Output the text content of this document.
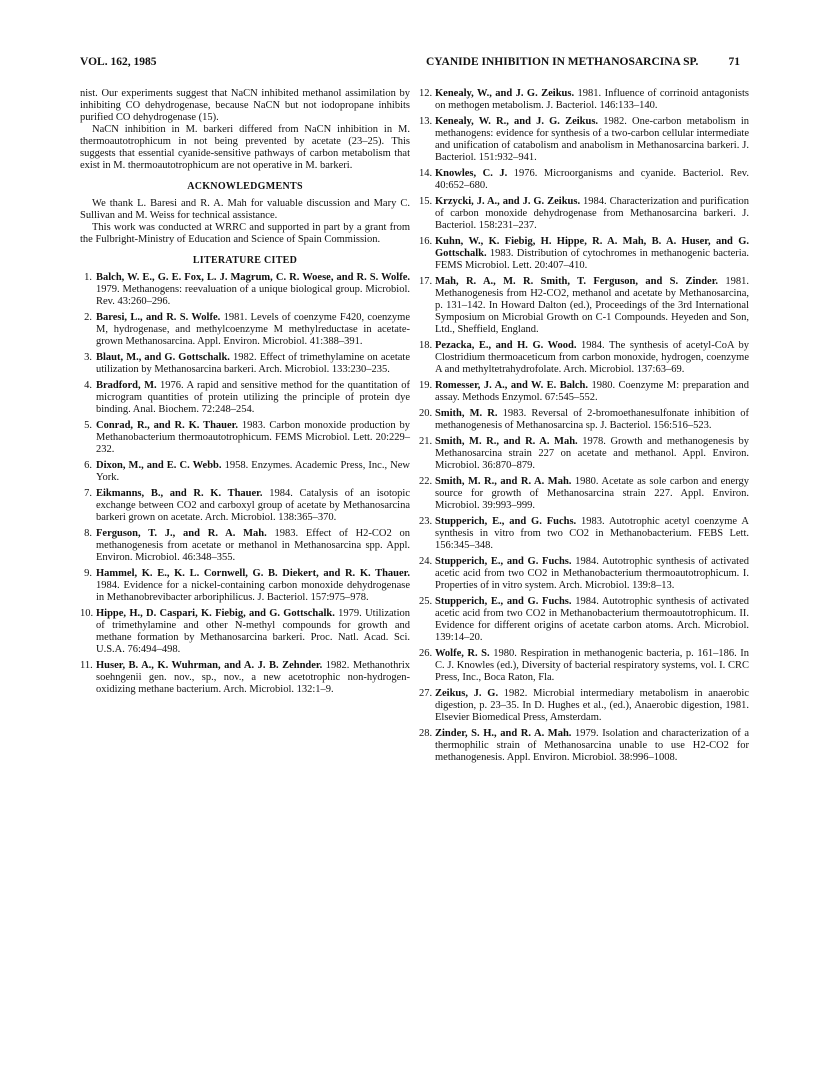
VOL. 162, 1985	CYANIDE INHIBITION IN METHANOSARCINA SP.	71

nist. Our experiments suggest that NaCN inhibited methanol assimilation by inhibiting CO dehydrogenase, because NaCN but not iodopropane inhibits purified CO dehydrogenase (15).

NaCN inhibition in M. barkeri differed from NaCN inhibition in M. thermoautotrophicum in not being prevented by acetate (23–25). This suggests that essential cyanide-sensitive pathways of carbon metabolism that exist in M. thermoautotrophicum are not operative in M. barkeri.

ACKNOWLEDGMENTS

We thank L. Baresi and R. A. Mah for valuable discussion and Mary C. Sullivan and M. Weiss for technical assistance.

This work was conducted at WRRC and supported in part by a grant from the Fulbright-Ministry of Education and Science of Spain Commission.

LITERATURE CITED
1. Balch, W. E., G. E. Fox, L. J. Magrum, C. R. Woese, and R. S. Wolfe. 1979. Methanogens: reevaluation of a unique biological group. Microbiol. Rev. 43:260–296.
2. Baresi, L., and R. S. Wolfe. 1981. Levels of coenzyme F420, coenzyme M, hydrogenase, and methylcoenzyme M methylreductase in acetate-grown Methanosarcina. Appl. Environ. Microbiol. 41:388–391.
3. Blaut, M., and G. Gottschalk. 1982. Effect of trimethylamine on acetate utilization by Methanosarcina barkeri. Arch. Microbiol. 133:230–235.
4. Bradford, M. 1976. A rapid and sensitive method for the quantitation of microgram quantities of protein utilizing the principle of protein dye binding. Anal. Biochem. 72:248–254.
5. Conrad, R., and R. K. Thauer. 1983. Carbon monoxide production by Methanobacterium thermoautotrophicum. FEMS Microbiol. Lett. 20:229–232.
6. Dixon, M., and E. C. Webb. 1958. Enzymes. Academic Press, Inc., New York.
7. Eikmanns, B., and R. K. Thauer. 1984. Catalysis of an isotopic exchange between CO2 and carboxyl group of acetate by Methanosarcina barkeri grown on acetate. Arch. Microbiol. 138:365–370.
8. Ferguson, T. J., and R. A. Mah. 1983. Effect of H2-CO2 on methanogenesis from acetate or methanol in Methanosarcina spp. Appl. Environ. Microbiol. 46:348–355.
9. Hammel, K. E., K. L. Cornwell, G. B. Diekert, and R. K. Thauer. 1984. Evidence for a nickel-containing carbon monoxide dehydrogenase in Methanobrevibacter arboriphilicus. J. Bacteriol. 157:975–978.
10. Hippe, H., D. Caspari, K. Fiebig, and G. Gottschalk. 1979. Utilization of trimethylamine and other N-methyl compounds for growth and methane formation by Methanosarcina barkeri. Proc. Natl. Acad. Sci. U.S.A. 76:494–498.
11. Huser, B. A., K. Wuhrman, and A. J. B. Zehnder. 1982. Methanothrix soehngenii gen. nov., sp., nov., a new acetotrophic non-hydrogen-oxidizing methane bacterium. Arch. Microbiol. 132:1–9.
12. Kenealy, W., and J. G. Zeikus. 1981. Influence of corrinoid antagonists on methogen metabolism. J. Bacteriol. 146:133–140.
13. Kenealy, W. R., and J. G. Zeikus. 1982. One-carbon metabolism in methanogens: evidence for synthesis of a two-carbon cellular intermediate and unification of catabolism and anabolism in Methanosarcina barkeri. J. Bacteriol. 151:932–941.
14. Knowles, C. J. 1976. Microorganisms and cyanide. Bacteriol. Rev. 40:652–680.
15. Krzycki, J. A., and J. G. Zeikus. 1984. Characterization and purification of carbon monoxide dehydrogenase from Methanosarcina barkeri. J. Bacteriol. 158:231–237.
16. Kuhn, W., K. Fiebig, H. Hippe, R. A. Mah, B. A. Huser, and G. Gottschalk. 1983. Distribution of cytochromes in methanogenic bacteria. FEMS Microbiol. Lett. 20:407–410.
17. Mah, R. A., M. R. Smith, T. Ferguson, and S. Zinder. 1981. Methanogenesis from H2-CO2, methanol and acetate by Methanosarcina, p. 131–142. In Howard Dalton (ed.), Proceedings of the 3rd International Symposium on Microbial Growth on C-1 Compounds. Heyeden and Son, Ltd., Sheffield, England.
18. Pezacka, E., and H. G. Wood. 1984. The synthesis of acetyl-CoA by Clostridium thermoaceticum from carbon monoxide, hydrogen, coenzyme A and methyltetrahydrofolate. Arch. Microbiol. 137:63–69.
19. Romesser, J. A., and W. E. Balch. 1980. Coenzyme M: preparation and assay. Methods Enzymol. 67:545–552.
20. Smith, M. R. 1983. Reversal of 2-bromoethanesulfonate inhibition of methanogenesis of Methanosarcina sp. J. Bacteriol. 156:516–523.
21. Smith, M. R., and R. A. Mah. 1978. Growth and methanogenesis by Methanosarcina strain 227 on acetate and methanol. Appl. Environ. Microbiol. 36:870–879.
22. Smith, M. R., and R. A. Mah. 1980. Acetate as sole carbon and energy source for growth of Methanosarcina strain 227. Appl. Environ. Microbiol. 39:993–999.
23. Stupperich, E., and G. Fuchs. 1983. Autotrophic acetyl coenzyme A synthesis in vitro from two CO2 in Methanobacterium. FEBS Lett. 156:345–348.
24. Stupperich, E., and G. Fuchs. 1984. Autotrophic synthesis of activated acetic acid from two CO2 in Methanobacterium thermoautotrophicum. I. Properties of in vitro system. Arch. Microbiol. 139:8–13.
25. Stupperich, E., and G. Fuchs. 1984. Autotrophic synthesis of activated acetic acid from two CO2 in Methanobacterium thermoautotrophicum. II. Evidence for different origins of acetate carbon atoms. Arch. Microbiol. 139:14–20.
26. Wolfe, R. S. 1980. Respiration in methanogenic bacteria, p. 161–186. In C. J. Knowles (ed.), Diversity of bacterial respiratory systems, vol. I. CRC Press, Inc., Boca Raton, Fla.
27. Zeikus, J. G. 1982. Microbial intermediary metabolism in anaerobic digestion, p. 23–35. In D. Hughes et al., (ed.), Anaerobic digestion, 1981. Elsevier Biomedical Press, Amsterdam.
28. Zinder, S. H., and R. A. Mah. 1979. Isolation and characterization of a thermophilic strain of Methanosarcina unable to use H2-CO2 for methanogenesis. Appl. Environ. Microbiol. 38:996–1008.
